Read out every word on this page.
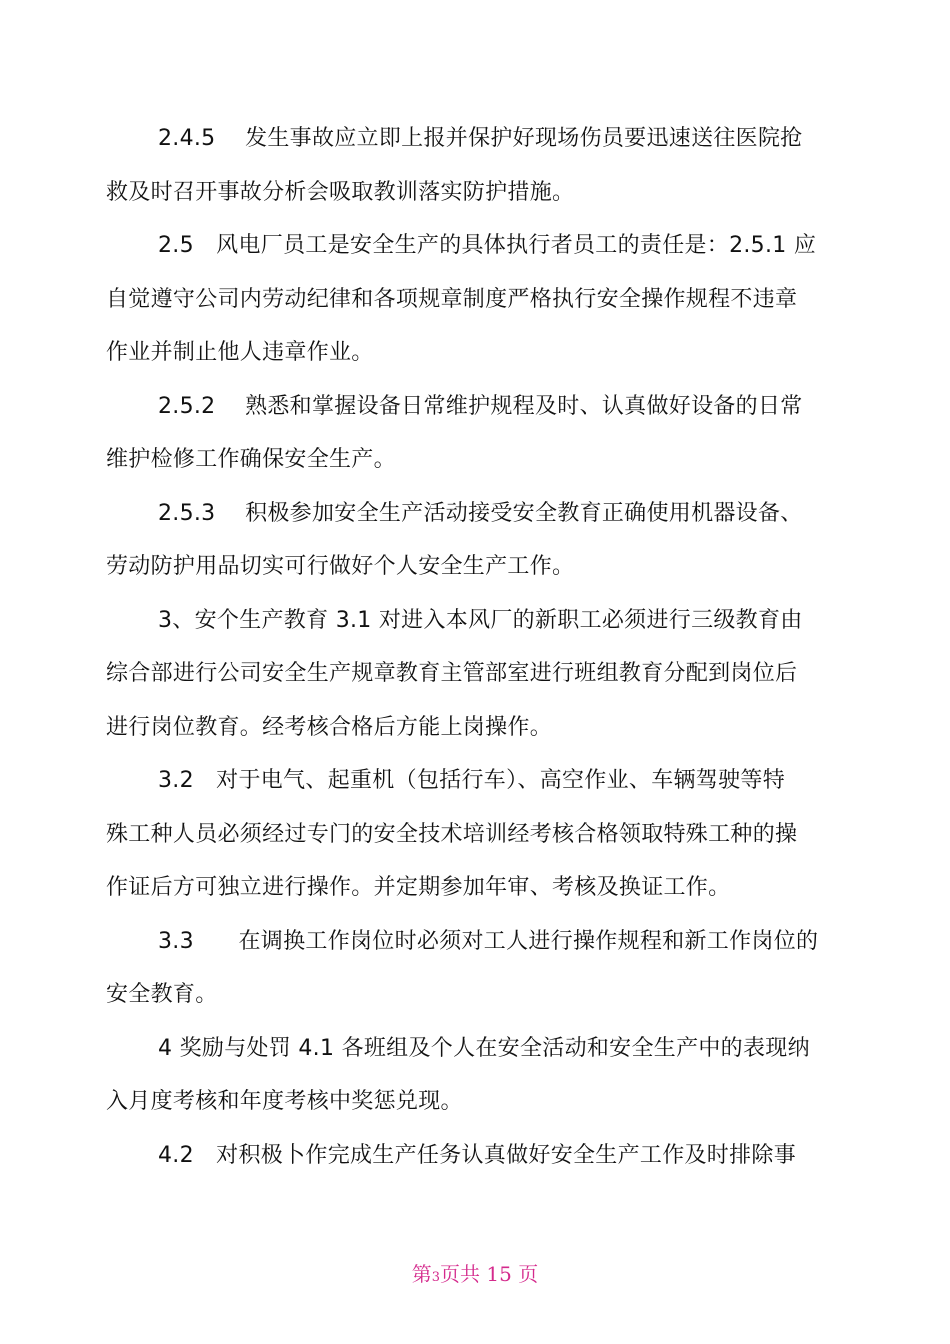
2.4.5　 发生事故应立即上报并保护好现场伤员要迅速送往医院抢
救及时召开事故分析会吸取教训落实防护措施。
2.5　风电厂员工是安全生产的具体执行者员工的责任是：2.5.1 应
自觉遵守公司内劳动纪律和各项规章制度严格执行安全操作规程不违章
作业并制止他人违章作业。
2.5.2　 熟悉和掌握设备日常维护规程及时、认真做好设备的日常
维护检修工作确保安全生产。
2.5.3　 积极参加安全生产活动接受安全教育正确使用机器设备、
劳动防护用品切实可行做好个人安全生产工作。
3、安个生产教育 3.1 对进入本风厂的新职工必须进行三级教育由
综合部进行公司安全生产规章教育主管部室进行班组教育分配到岗位后
进行岗位教育。经考核合格后方能上岗操作。
3.2　对于电气、起重机（包括行车）、高空作业、车辆驾驶等特
殊工种人员必须经过专门的安全技术培训经考核合格领取特殊工种的操
作证后方可独立进行操作。并定期参加年审、考核及换证工作。
3.3　　在调换工作岗位时必须对工人进行操作规程和新工作岗位的
安全教育。
4 奖励与处罚 4.1 各班组及个人在安全活动和安全生产中的表现纳
入月度考核和年度考核中奖惩兑现。
4.2　对积极卜作完成生产任务认真做好安全生产工作及时排除事
第3页共 15 页
